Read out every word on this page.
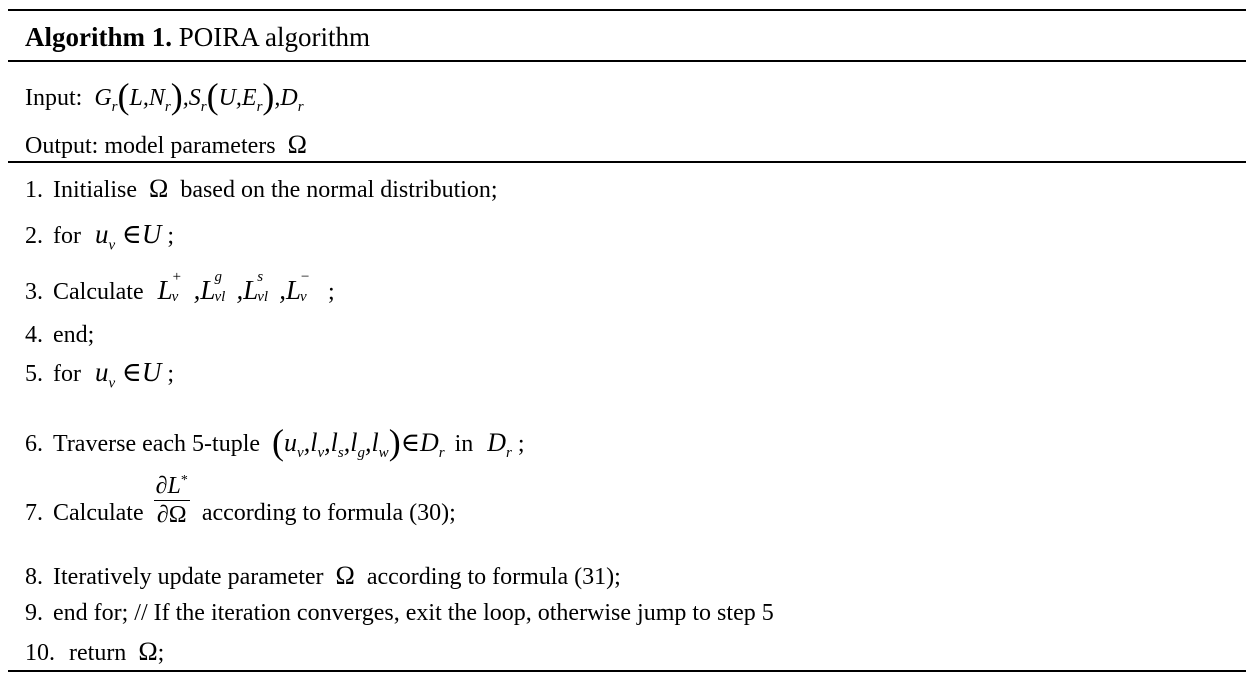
Algorithm 1. POIRA algorithm
Input: $G_r(L,N_r),S_r(U,E_r),D_r$
Output: model parameters Ω
1. Initialise Ω based on the normal distribution;
2. for $u_v$ ∈U ;
3. Calculate L +
v ,L g
vl ,L s
vl ,L −
v ;
4. end;
5. for $u_v$ ∈U ;
6. Traverse each 5-tuple $(u_v,l_v,l_s,l_g,l_w)\in D_r$ in $D_r$ ;
7. Calculate $\frac{\partial L^*}{\partial\Omega}$ according to formula (30);
8. Iteratively update parameter Ω according to formula (31);
9. end for; // If the iteration converges, exit the loop, otherwise jump to step 5
10. return Ω;
